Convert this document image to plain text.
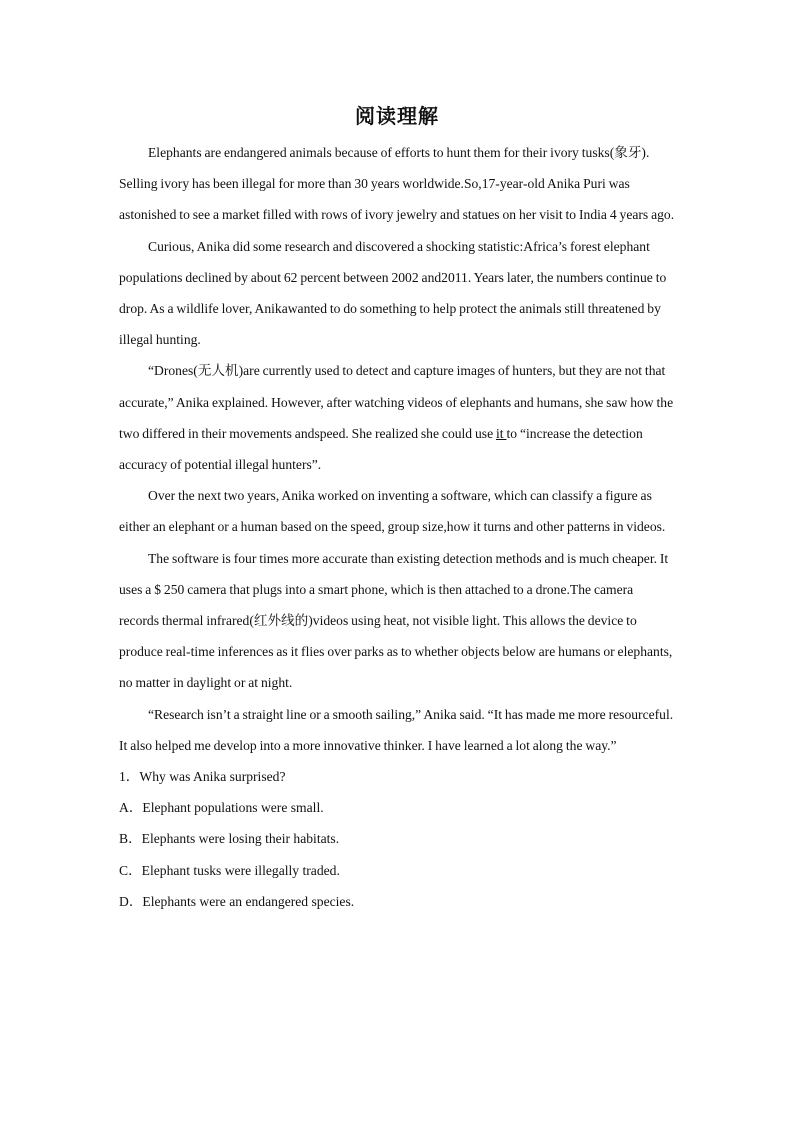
阅读理解

Elephants are endangered animals because of efforts to hunt them for their ivory tusks(象牙). Selling ivory has been illegal for more than 30 years worldwide.So,17-year-old Anika Puri was astonished to see a market filled with rows of ivory jewelry and statues on her visit to India 4 years ago.

Curious, Anika did some research and discovered a shocking statistic:Africa’s forest elephant populations declined by about 62 percent between 2002 and2011. Years later, the numbers continue to drop. As a wildlife lover, Anikawanted to do something to help protect the animals still threatened by illegal hunting.

“Drones(无人机)are currently used to detect and capture images of hunters, but they are not that accurate,” Anika explained. However, after watching videos of elephants and humans, she saw how the two differed in their movements andspeed. She realized she could use it to “increase the detection accuracy of potential illegal hunters”.

Over the next two years, Anika worked on inventing a software, which can classify a figure as either an elephant or a human based on the speed, group size,how it turns and other patterns in videos.

The software is four times more accurate than existing detection methods and is much cheaper. It uses a $ 250 camera that plugs into a smart phone, which is then attached to a drone.The camera records thermal infrared(红外线的)videos using heat, not visible light. This allows the device to produce real-time inferences as it flies over parks as to whether objects below are humans or elephants, no matter in daylight or at night.

“Research isn’t a straight line or a smooth sailing,” Anika said. “It has made me more resourceful. It also helped me develop into a more innovative thinker. I have learned a lot along the way.”

1．Why was Anika surprised?

A．Elephant populations were small.

B．Elephants were losing their habitats.

C．Elephant tusks were illegally traded.

D．Elephants were an endangered species.
